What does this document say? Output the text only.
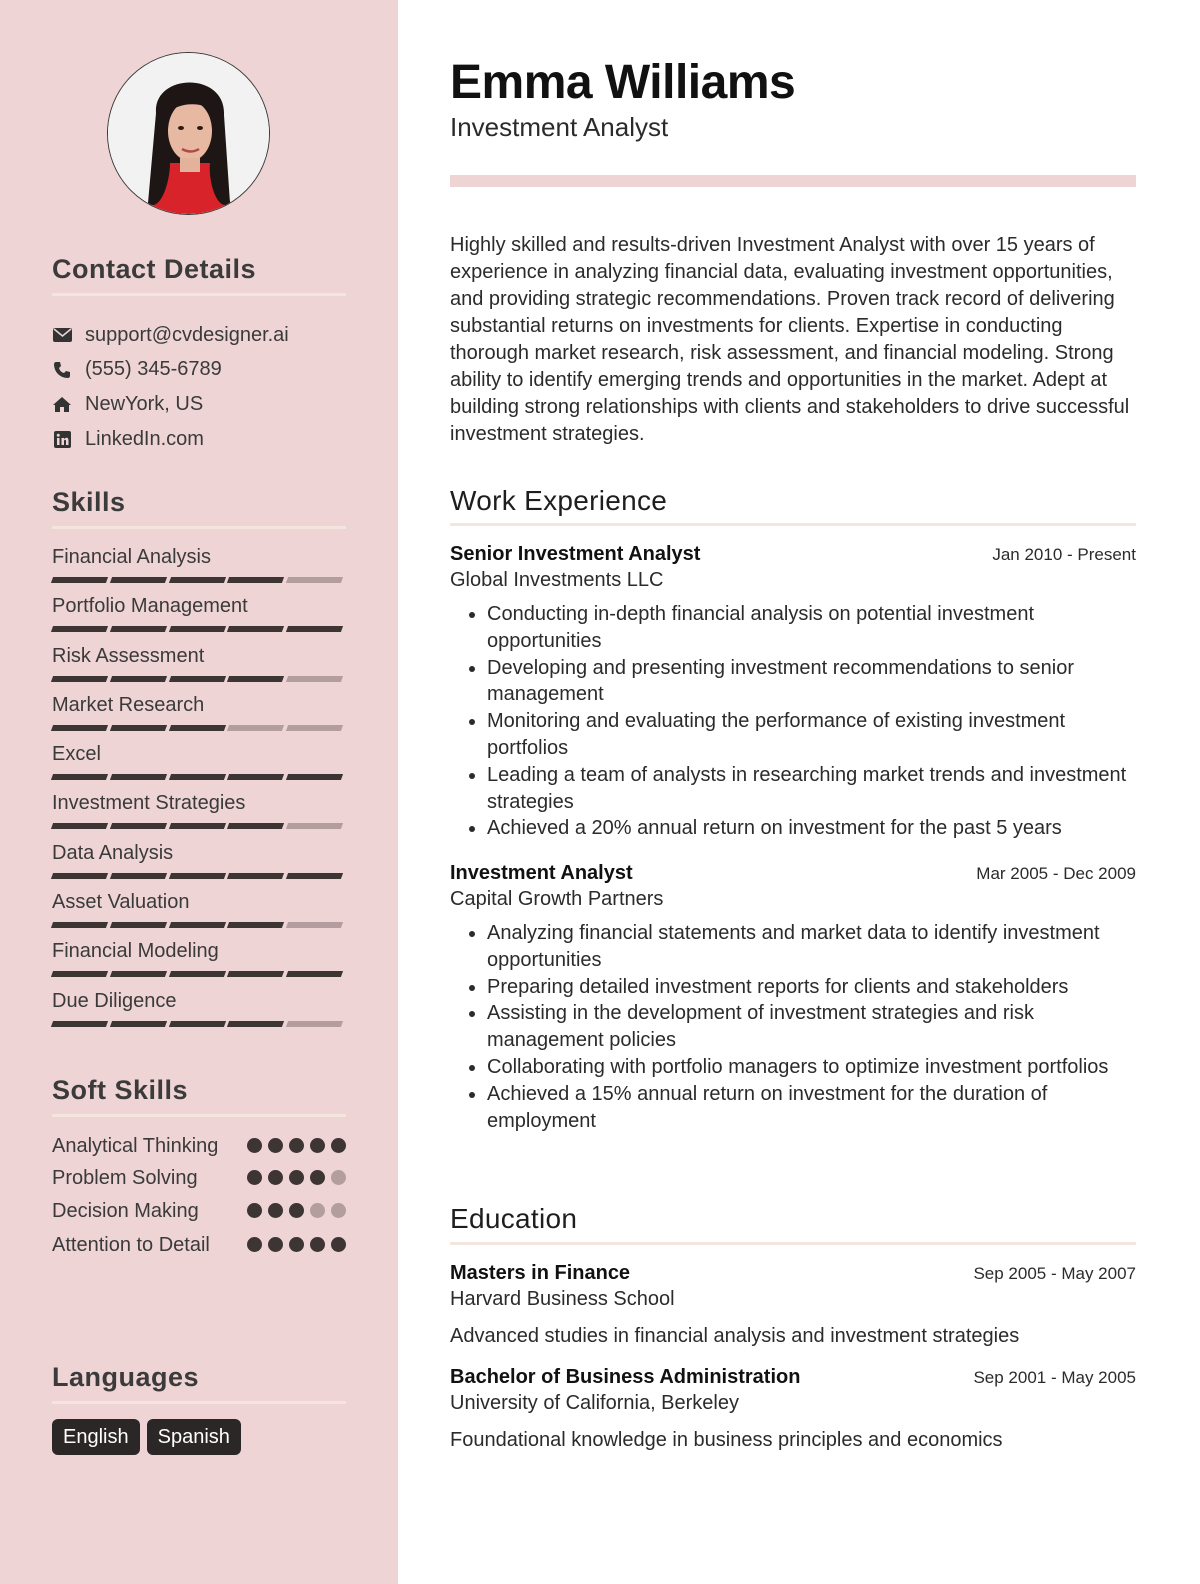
Contact Details
support@cvdesigner.ai
(555) 345-6789
NewYork, US
LinkedIn.com
Skills
Financial Analysis
Portfolio Management
Risk Assessment
Market Research
Excel
Investment Strategies
Data Analysis
Asset Valuation
Financial Modeling
Due Diligence
Soft Skills
Analytical Thinking
Problem Solving
Decision Making
Attention to Detail
Languages
English	Spanish
Emma Williams
Investment Analyst
Highly skilled and results-driven Investment Analyst with over 15 years of experience in analyzing financial data, evaluating investment opportunities, and providing strategic recommendations. Proven track record of delivering substantial returns on investments for clients. Expertise in conducting thorough market research, risk assessment, and financial modeling. Strong ability to identify emerging trends and opportunities in the market. Adept at building strong relationships with clients and stakeholders to drive successful investment strategies.
Work Experience
Senior Investment Analyst	Jan 2010 - Present
Global Investments LLC
• Conducting in-depth financial analysis on potential investment opportunities
• Developing and presenting investment recommendations to senior management
• Monitoring and evaluating the performance of existing investment portfolios
• Leading a team of analysts in researching market trends and investment strategies
• Achieved a 20% annual return on investment for the past 5 years
Investment Analyst	Mar 2005 - Dec 2009
Capital Growth Partners
• Analyzing financial statements and market data to identify investment opportunities
• Preparing detailed investment reports for clients and stakeholders
• Assisting in the development of investment strategies and risk management policies
• Collaborating with portfolio managers to optimize investment portfolios
• Achieved a 15% annual return on investment for the duration of employment
Education
Masters in Finance	Sep 2005 - May 2007
Harvard Business School
Advanced studies in financial analysis and investment strategies
Bachelor of Business Administration	Sep 2001 - May 2005
University of California, Berkeley
Foundational knowledge in business principles and economics
